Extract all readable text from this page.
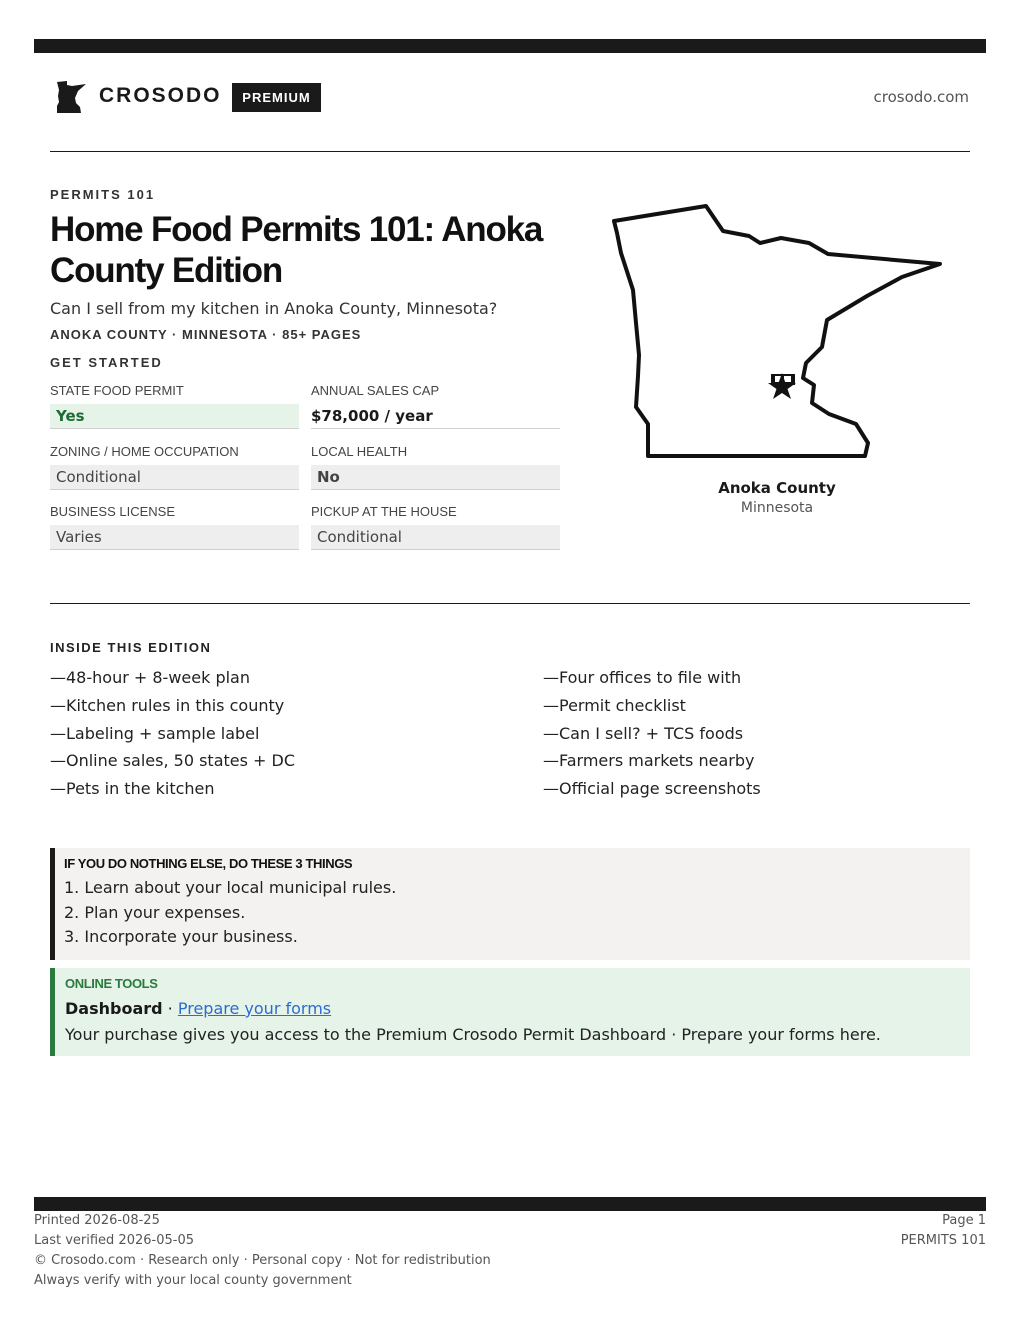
CROSODO	PREMIUM	crosodo.com
PERMITS 101
Home Food Permits 101: Anoka County Edition
Can I sell from my kitchen in Anoka County, Minnesota?
ANOKA COUNTY · MINNESOTA · 85+ PAGES
GET STARTED
STATE FOOD PERMIT
Yes
ANNUAL SALES CAP
$78,000 / year
ZONING / HOME OCCUPATION
Conditional
LOCAL HEALTH
No
BUSINESS LICENSE
Varies
PICKUP AT THE HOUSE
Conditional
Anoka County
Minnesota
INSIDE THIS EDITION
—48-hour + 8-week plan
—Kitchen rules in this county
—Labeling + sample label
—Online sales, 50 states + DC
—Pets in the kitchen
—Four offices to file with
—Permit checklist
—Can I sell? + TCS foods
—Farmers markets nearby
—Official page screenshots
IF YOU DO NOTHING ELSE, DO THESE 3 THINGS
1. Learn about your local municipal rules.
2. Plan your expenses.
3. Incorporate your business.
ONLINE TOOLS
Dashboard · Prepare your forms
Your purchase gives you access to the Premium Crosodo Permit Dashboard · Prepare your forms here.
Printed 2026-08-25
Last verified 2026-05-05
© Crosodo.com · Research only · Personal copy · Not for redistribution
Always verify with your local county government
Page 1
PERMITS 101
